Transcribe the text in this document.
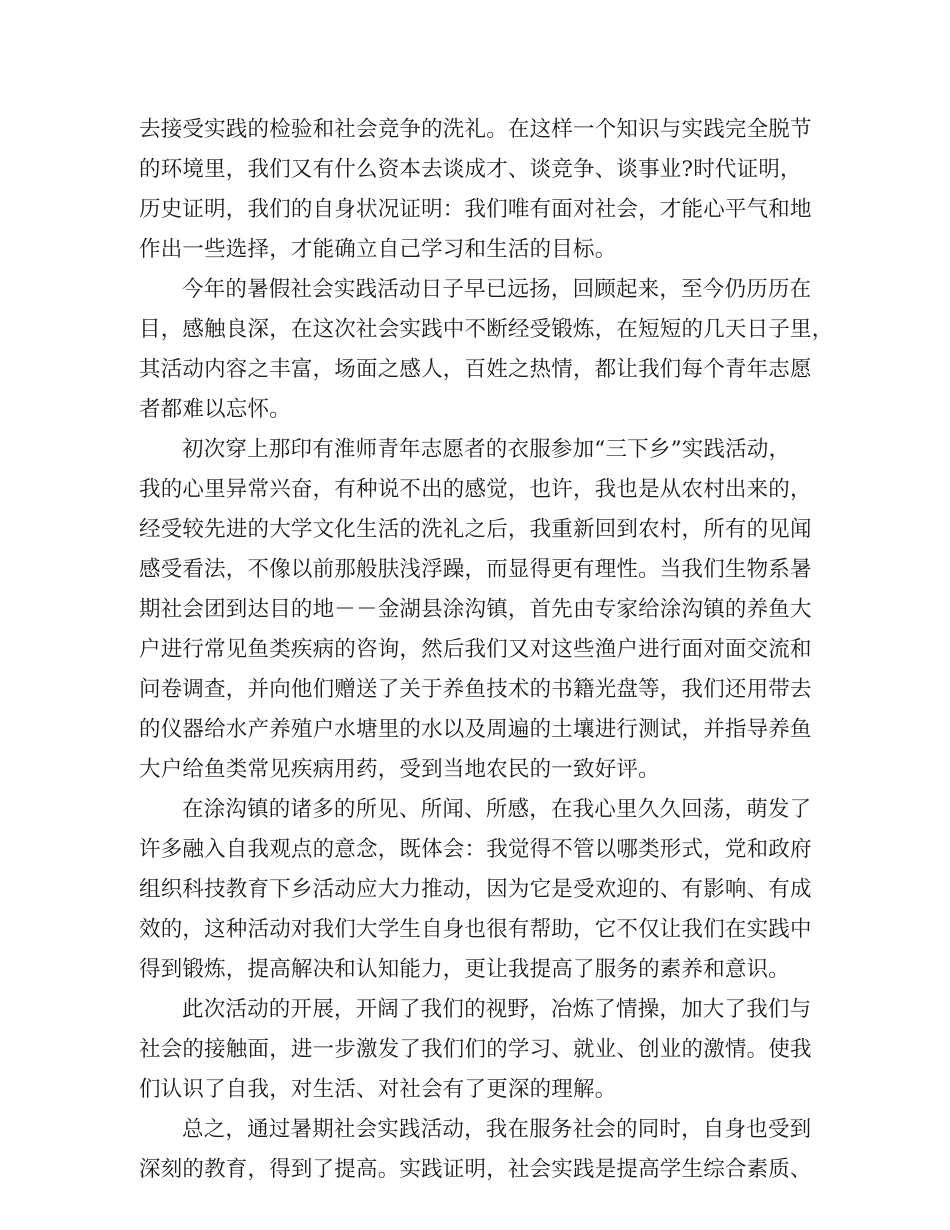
去接受实践的检验和社会竞争的洗礼。在这样一个知识与实践完全脱节
的环境里，我们又有什么资本去谈成才、谈竞争、谈事业?时代证明，
历史证明，我们的自身状况证明：我们唯有面对社会，才能心平气和地
作出一些选择，才能确立自己学习和生活的目标。
今年的暑假社会实践活动日子早已远扬，回顾起来，至今仍历历在
目，感触良深，在这次社会实践中不断经受锻炼，在短短的几天日子里，
其活动内容之丰富，场面之感人，百姓之热情，都让我们每个青年志愿
者都难以忘怀。
初次穿上那印有淮师青年志愿者的衣服参加“三下乡”实践活动，
我的心里异常兴奋，有种说不出的感觉，也许，我也是从农村出来的，
经受较先进的大学文化生活的洗礼之后，我重新回到农村，所有的见闻
感受看法，不像以前那般肤浅浮躁，而显得更有理性。当我们生物系暑
期社会团到达目的地－－金湖县涂沟镇，首先由专家给涂沟镇的养鱼大
户进行常见鱼类疾病的咨询，然后我们又对这些渔户进行面对面交流和
问卷调查，并向他们赠送了关于养鱼技术的书籍光盘等，我们还用带去
的仪器给水产养殖户水塘里的水以及周遍的土壤进行测试，并指导养鱼
大户给鱼类常见疾病用药，受到当地农民的一致好评。
在涂沟镇的诸多的所见、所闻、所感，在我心里久久回荡，萌发了
许多融入自我观点的意念，既体会：我觉得不管以哪类形式，党和政府
组织科技教育下乡活动应大力推动，因为它是受欢迎的、有影响、有成
效的，这种活动对我们大学生自身也很有帮助，它不仅让我们在实践中
得到锻炼，提高解决和认知能力，更让我提高了服务的素养和意识。
此次活动的开展，开阔了我们的视野，冶炼了情操，加大了我们与
社会的接触面，进一步激发了我们们的学习、就业、创业的激情。使我
们认识了自我，对生活、对社会有了更深的理解。
总之，通过暑期社会实践活动，我在服务社会的同时，自身也受到
深刻的教育，得到了提高。实践证明，社会实践是提高学生综合素质、
